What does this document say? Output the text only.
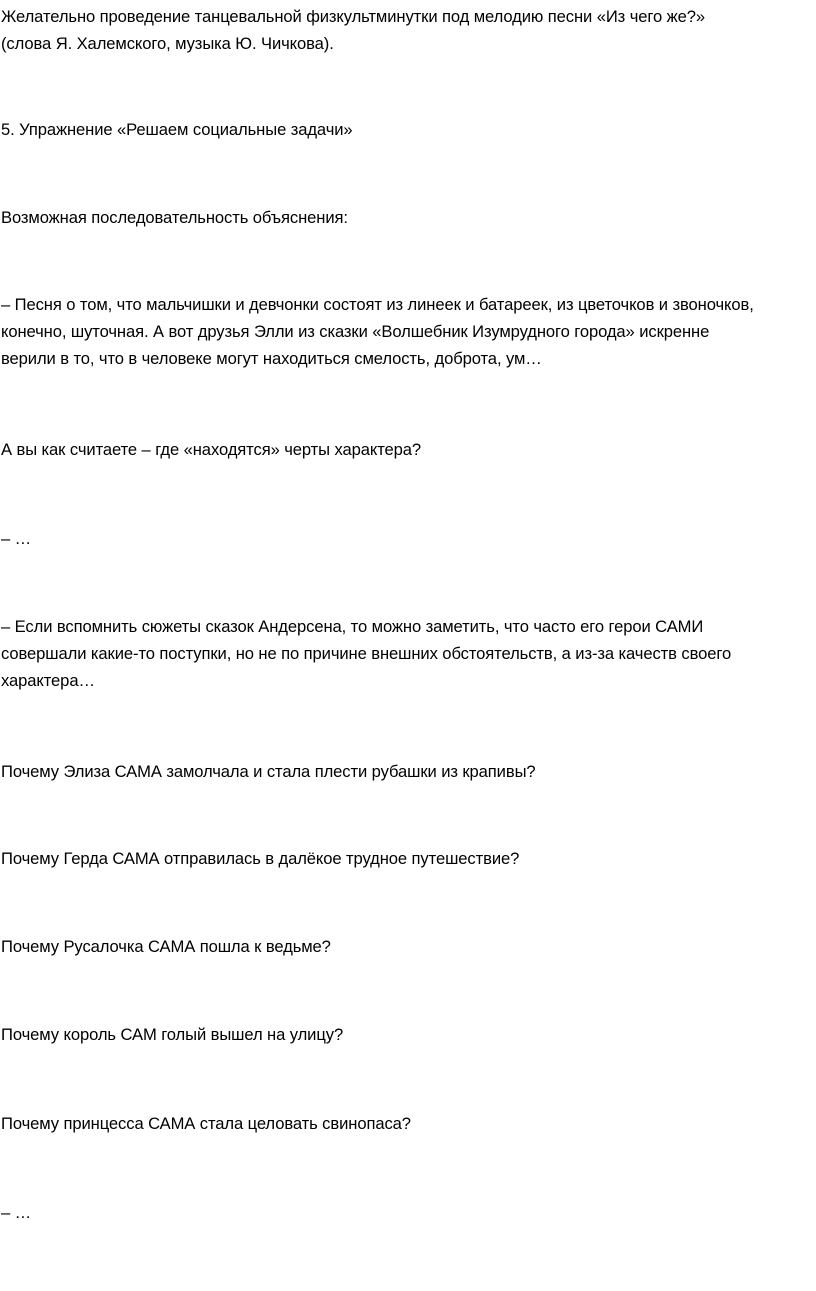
Желательно проведение танцевальной физкультминутки под мелодию песни «Из чего же?»
(слова Я. Халемского, музыка Ю. Чичкова).

5. Упражнение «Решаем социальные задачи»

Возможная последовательность объяснения:

– Песня о том, что мальчишки и девчонки состоят из линеек и батареек, из цветочков и звоночков,
конечно, шуточная. А вот друзья Элли из сказки «Волшебник Изумрудного города» искренне
верили в то, что в человеке могут находиться смелость, доброта, ум…

А вы как считаете – где «находятся» черты характера?

– …

– Если вспомнить сюжеты сказок Андерсена, то можно заметить, что часто его герои САМИ
совершали какие-то поступки, но не по причине внешних обстоятельств, а из-за качеств своего
характера…

Почему Элиза САМА замолчала и стала плести рубашки из крапивы?

Почему Герда САМА отправилась в далёкое трудное путешествие?

Почему Русалочка САМА пошла к ведьме?

Почему король САМ голый вышел на улицу?

Почему принцесса САМА стала целовать свинопаса?

– …
